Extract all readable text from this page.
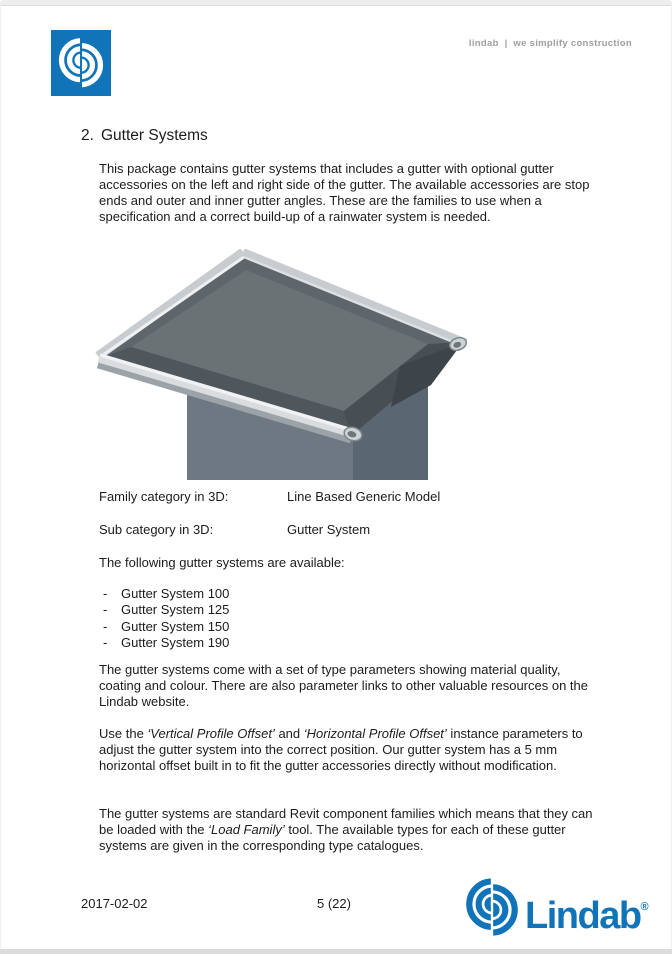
lindab  |  we simplify construction
2. Gutter Systems
This package contains gutter systems that includes a gutter with optional gutter accessories on the left and right side of the gutter. The available accessories are stop ends and outer and inner gutter angles. These are the families to use when a specification and a correct build-up of a rainwater system is needed.
Family category in 3D:	Line Based Generic Model
Sub category in 3D:	Gutter System
The following gutter systems are available:
-	Gutter System 100
-	Gutter System 125
-	Gutter System 150
-	Gutter System 190
The gutter systems come with a set of type parameters showing material quality, coating and colour. There are also parameter links to other valuable resources on the Lindab website.
Use the ‘Vertical Profile Offset’ and ‘Horizontal Profile Offset’ instance parameters to adjust the gutter system into the correct position. Our gutter system has a 5 mm horizontal offset built in to fit the gutter accessories directly without modification.
The gutter systems are standard Revit component families which means that they can be loaded with the ‘Load Family’ tool. The available types for each of these gutter systems are given in the corresponding type catalogues.
2017-02-02	5 (22)	Lindab®
